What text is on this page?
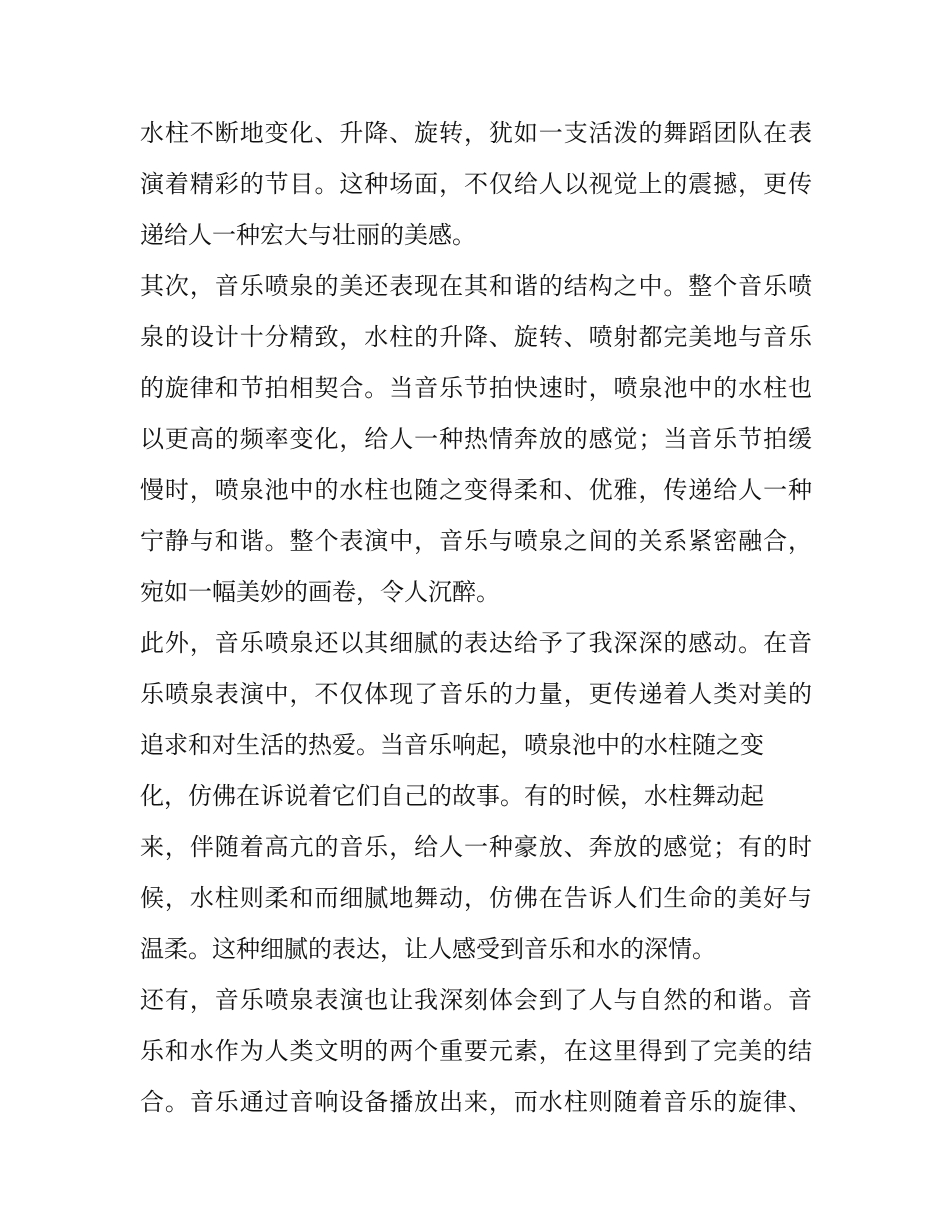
水柱不断地变化、升降、旋转，犹如一支活泼的舞蹈团队在表
演着精彩的节目。这种场面，不仅给人以视觉上的震撼，更传
递给人一种宏大与壮丽的美感。
其次，音乐喷泉的美还表现在其和谐的结构之中。整个音乐喷
泉的设计十分精致，水柱的升降、旋转、喷射都完美地与音乐
的旋律和节拍相契合。当音乐节拍快速时，喷泉池中的水柱也
以更高的频率变化，给人一种热情奔放的感觉；当音乐节拍缓
慢时，喷泉池中的水柱也随之变得柔和、优雅，传递给人一种
宁静与和谐。整个表演中，音乐与喷泉之间的关系紧密融合，
宛如一幅美妙的画卷，令人沉醉。
此外，音乐喷泉还以其细腻的表达给予了我深深的感动。在音
乐喷泉表演中，不仅体现了音乐的力量，更传递着人类对美的
追求和对生活的热爱。当音乐响起，喷泉池中的水柱随之变
化，仿佛在诉说着它们自己的故事。有的时候，水柱舞动起
来，伴随着高亢的音乐，给人一种豪放、奔放的感觉；有的时
候，水柱则柔和而细腻地舞动，仿佛在告诉人们生命的美好与
温柔。这种细腻的表达，让人感受到音乐和水的深情。
还有，音乐喷泉表演也让我深刻体会到了人与自然的和谐。音
乐和水作为人类文明的两个重要元素，在这里得到了完美的结
合。音乐通过音响设备播放出来，而水柱则随着音乐的旋律、
